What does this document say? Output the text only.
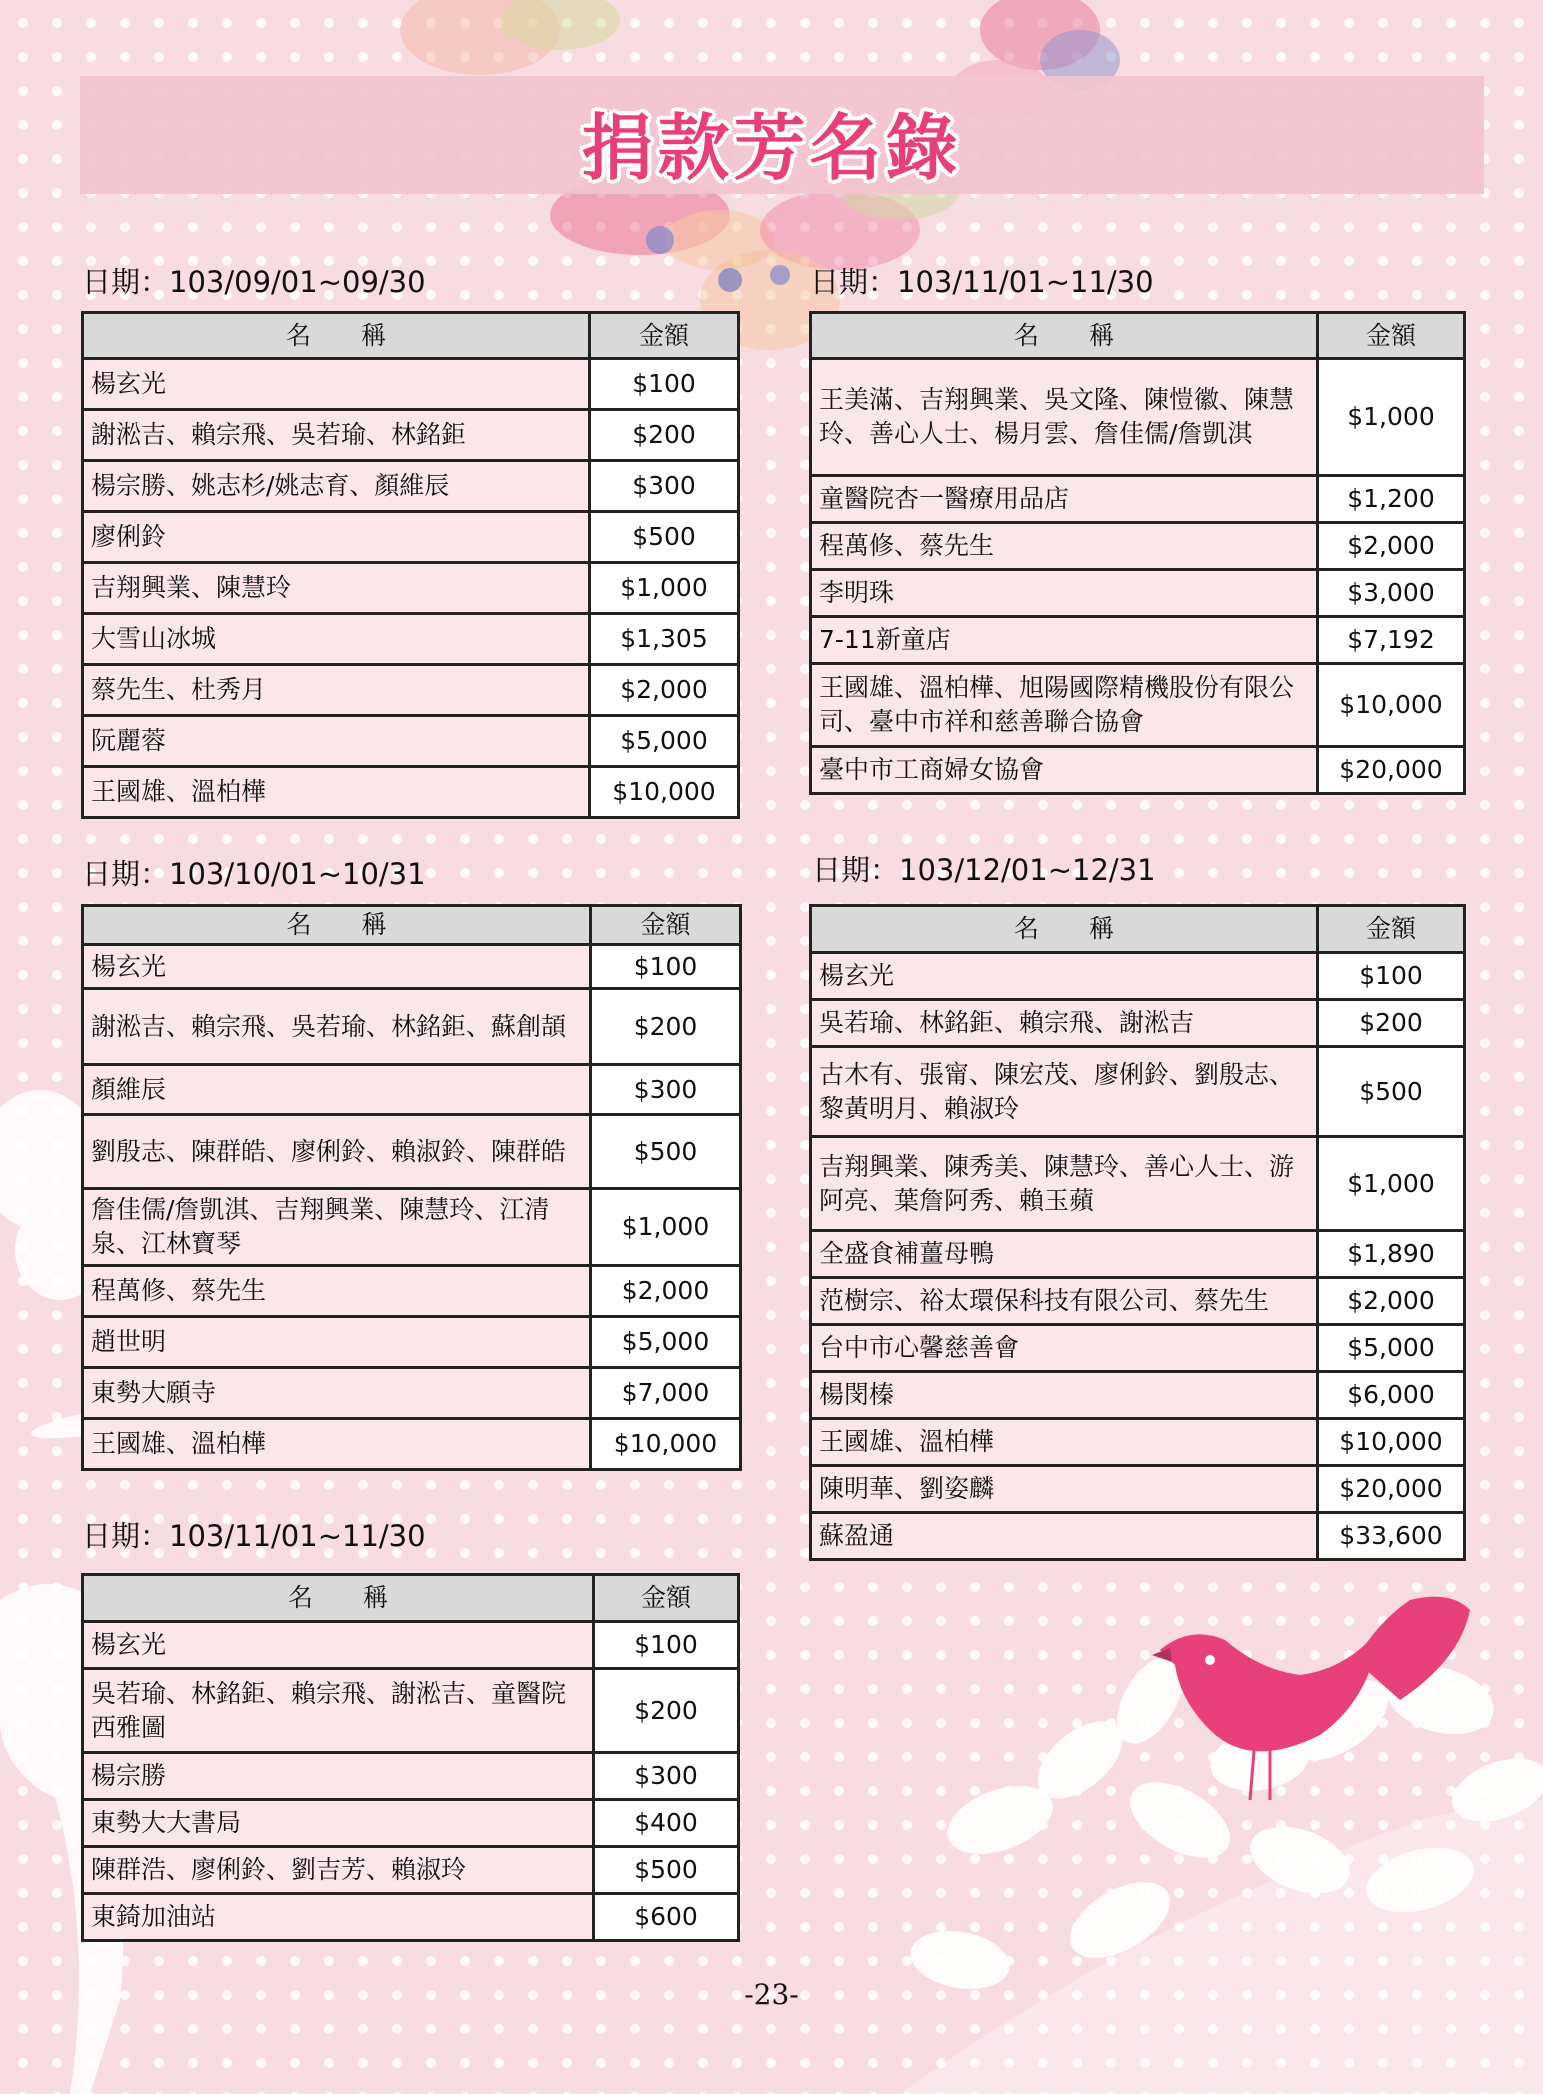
捐款芳名錄
日期：103/09/01~09/30
名　　稱	金額
楊玄光	$100
謝淞吉、賴宗飛、吳若瑜、林銘鉅	$200
楊宗勝、姚志杉/姚志育、顏維辰	$300
廖俐鈴	$500
吉翔興業、陳慧玲	$1,000
大雪山冰城	$1,305
蔡先生、杜秀月	$2,000
阮麗蓉	$5,000
王國雄、溫柏樺	$10,000
日期：103/10/01~10/31
名　　稱	金額
楊玄光	$100
謝淞吉、賴宗飛、吳若瑜、林銘鉅、蘇創頡	$200
顏維辰	$300
劉殷志、陳群皓、廖俐鈴、賴淑鈴、陳群皓	$500
詹佳儒/詹凱淇、吉翔興業、陳慧玲、江清泉、江林寶琴	$1,000
程萬修、蔡先生	$2,000
趙世明	$5,000
東勢大願寺	$7,000
王國雄、溫柏樺	$10,000
日期：103/11/01~11/30
名　　稱	金額
楊玄光	$100
吳若瑜、林銘鉅、賴宗飛、謝淞吉、童醫院西雅圖	$200
楊宗勝	$300
東勢大大書局	$400
陳群浩、廖俐鈴、劉吉芳、賴淑玲	$500
東錡加油站	$600
日期：103/11/01~11/30
名　　稱	金額
王美滿、吉翔興業、吳文隆、陳愷徽、陳慧玲、善心人士、楊月雲、詹佳儒/詹凱淇	$1,000
童醫院杏一醫療用品店	$1,200
程萬修、蔡先生	$2,000
李明珠	$3,000
7-11新童店	$7,192
王國雄、溫柏樺、旭陽國際精機股份有限公司、臺中市祥和慈善聯合協會	$10,000
臺中市工商婦女協會	$20,000
日期：103/12/01~12/31
名　　稱	金額
楊玄光	$100
吳若瑜、林銘鉅、賴宗飛、謝淞吉	$200
古木有、張甯、陳宏茂、廖俐鈴、劉殷志、黎黃明月、賴淑玲	$500
吉翔興業、陳秀美、陳慧玲、善心人士、游阿亮、葉詹阿秀、賴玉蘋	$1,000
全盛食補薑母鴨	$1,890
范樹宗、裕太環保科技有限公司、蔡先生	$2,000
台中市心馨慈善會	$5,000
楊閔榛	$6,000
王國雄、溫柏樺	$10,000
陳明華、劉姿麟	$20,000
蘇盈通	$33,600
-23-
